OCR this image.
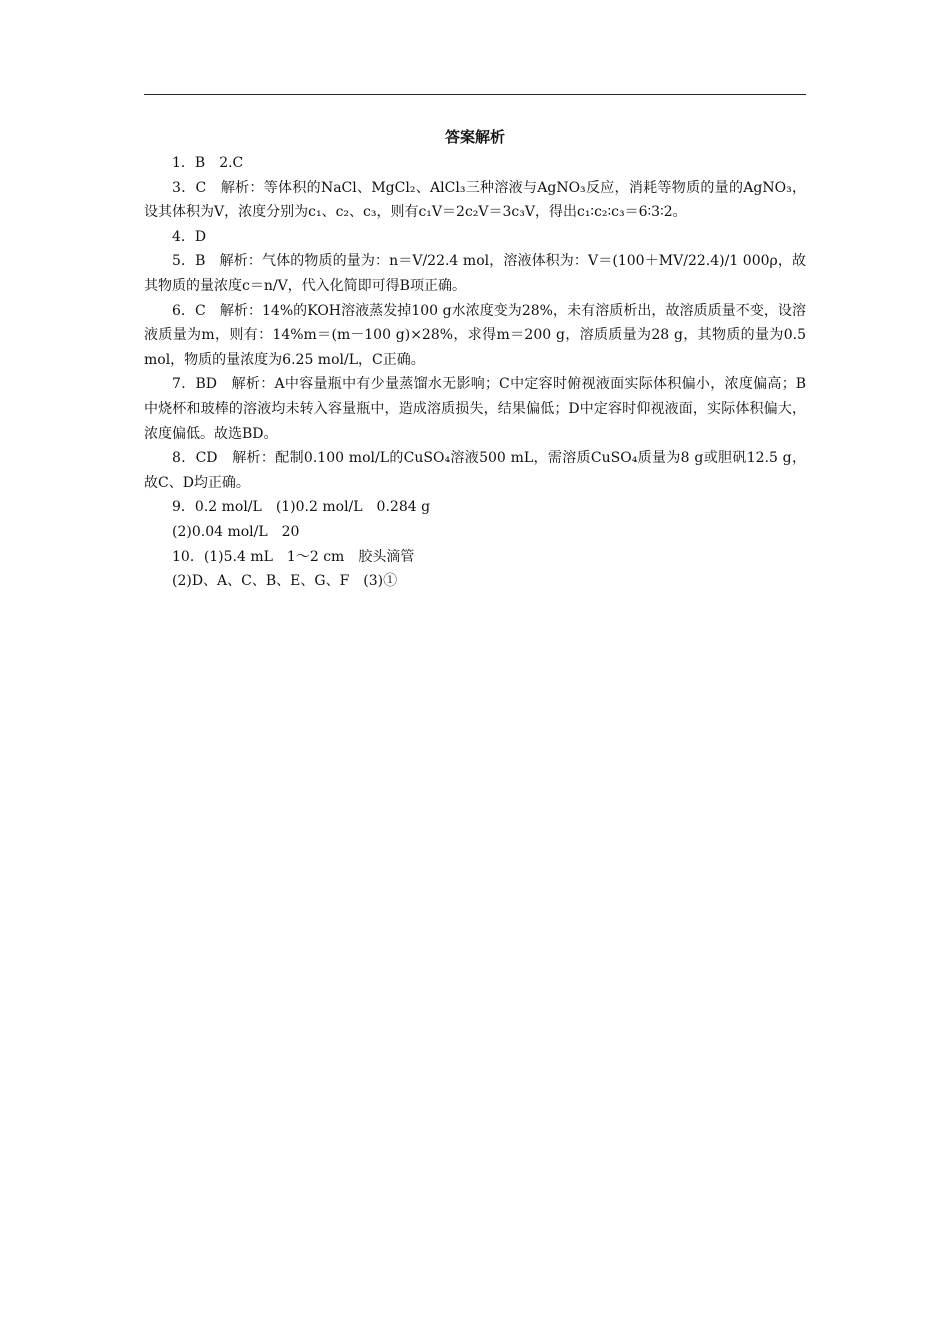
答案解析

1．B　2.C

3．C　解析：等体积的NaCl、MgCl₂、AlCl₃三种溶液与AgNO₃反应，消耗等物质的量的AgNO₃，设其体积为V，浓度分别为c₁、c₂、c₃，则有c₁V＝2c₂V＝3c₃V，得出c₁∶c₂∶c₃＝6∶3∶2。

4．D

5．B　解析：气体的物质的量为：n＝V/22.4 mol，溶液体积为：V＝(100＋MV/22.4)/1 000ρ，故其物质的量浓度c＝n/V，代入化简即可得B项正确。

6．C　解析：14%的KOH溶液蒸发掉100 g水浓度变为28%，未有溶质析出，故溶质质量不变，设溶液质量为m，则有：14%m＝(m－100 g)×28%，求得m＝200 g，溶质质量为28 g，其物质的量为0.5 mol，物质的量浓度为6.25 mol/L，C正确。

7．BD　解析：A中容量瓶中有少量蒸馏水无影响；C中定容时俯视液面实际体积偏小，浓度偏高；B中烧杯和玻棒的溶液均未转入容量瓶中，造成溶质损失，结果偏低；D中定容时仰视液面，实际体积偏大，浓度偏低。故选BD。

8．CD　解析：配制0.100 mol/L的CuSO₄溶液500 mL，需溶质CuSO₄质量为8 g或胆矾12.5 g，故C、D均正确。

9．0.2 mol/L　(1)0.2 mol/L　0.284 g

(2)0.04 mol/L　20

10．(1)5.4 mL　1～2 cm　胶头滴管

(2)D、A、C、B、E、G、F　(3)①
